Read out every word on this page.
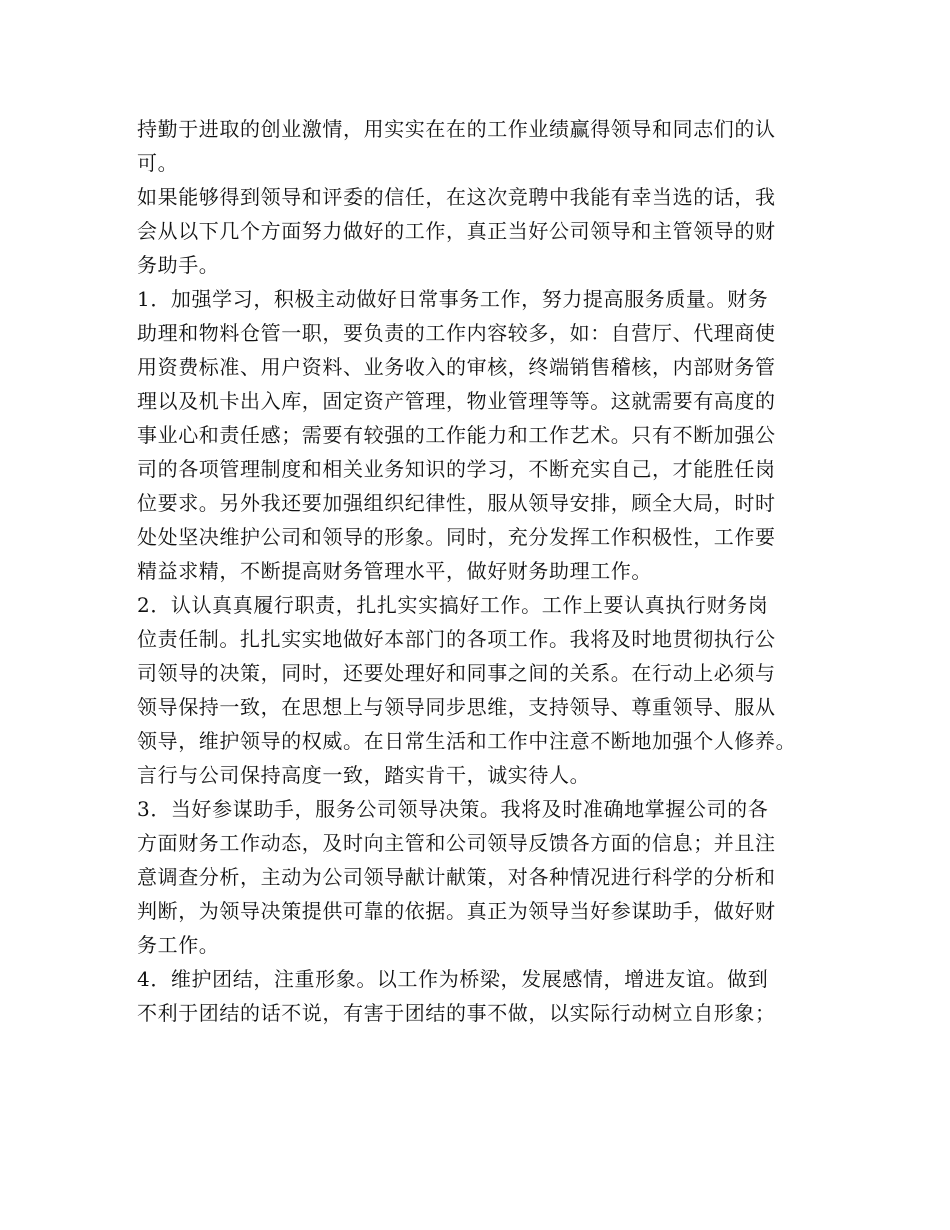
持勤于进取的创业激情，用实实在在的工作业绩赢得领导和同志们的认
可。
如果能够得到领导和评委的信任，在这次竞聘中我能有幸当选的话，我
会从以下几个方面努力做好的工作，真正当好公司领导和主管领导的财
务助手。
1．加强学习，积极主动做好日常事务工作，努力提高服务质量。财务
助理和物料仓管一职，要负责的工作内容较多，如：自营厅、代理商使
用资费标准、用户资料、业务收入的审核，终端销售稽核，内部财务管
理以及机卡出入库，固定资产管理，物业管理等等。这就需要有高度的
事业心和责任感；需要有较强的工作能力和工作艺术。只有不断加强公
司的各项管理制度和相关业务知识的学习，不断充实自己，才能胜任岗
位要求。另外我还要加强组织纪律性，服从领导安排，顾全大局，时时
处处坚决维护公司和领导的形象。同时，充分发挥工作积极性，工作要
精益求精，不断提高财务管理水平，做好财务助理工作。
2．认认真真履行职责，扎扎实实搞好工作。工作上要认真执行财务岗
位责任制。扎扎实实地做好本部门的各项工作。我将及时地贯彻执行公
司领导的决策，同时，还要处理好和同事之间的关系。在行动上必须与
领导保持一致，在思想上与领导同步思维，支持领导、尊重领导、服从
领导，维护领导的权威。在日常生活和工作中注意不断地加强个人修养。
言行与公司保持高度一致，踏实肯干，诚实待人。
3．当好参谋助手，服务公司领导决策。我将及时准确地掌握公司的各
方面财务工作动态，及时向主管和公司领导反馈各方面的信息；并且注
意调查分析，主动为公司领导献计献策，对各种情况进行科学的分析和
判断，为领导决策提供可靠的依据。真正为领导当好参谋助手，做好财
务工作。
4．维护团结，注重形象。以工作为桥梁，发展感情，增进友谊。做到
不利于团结的话不说，有害于团结的事不做，以实际行动树立自形象；
